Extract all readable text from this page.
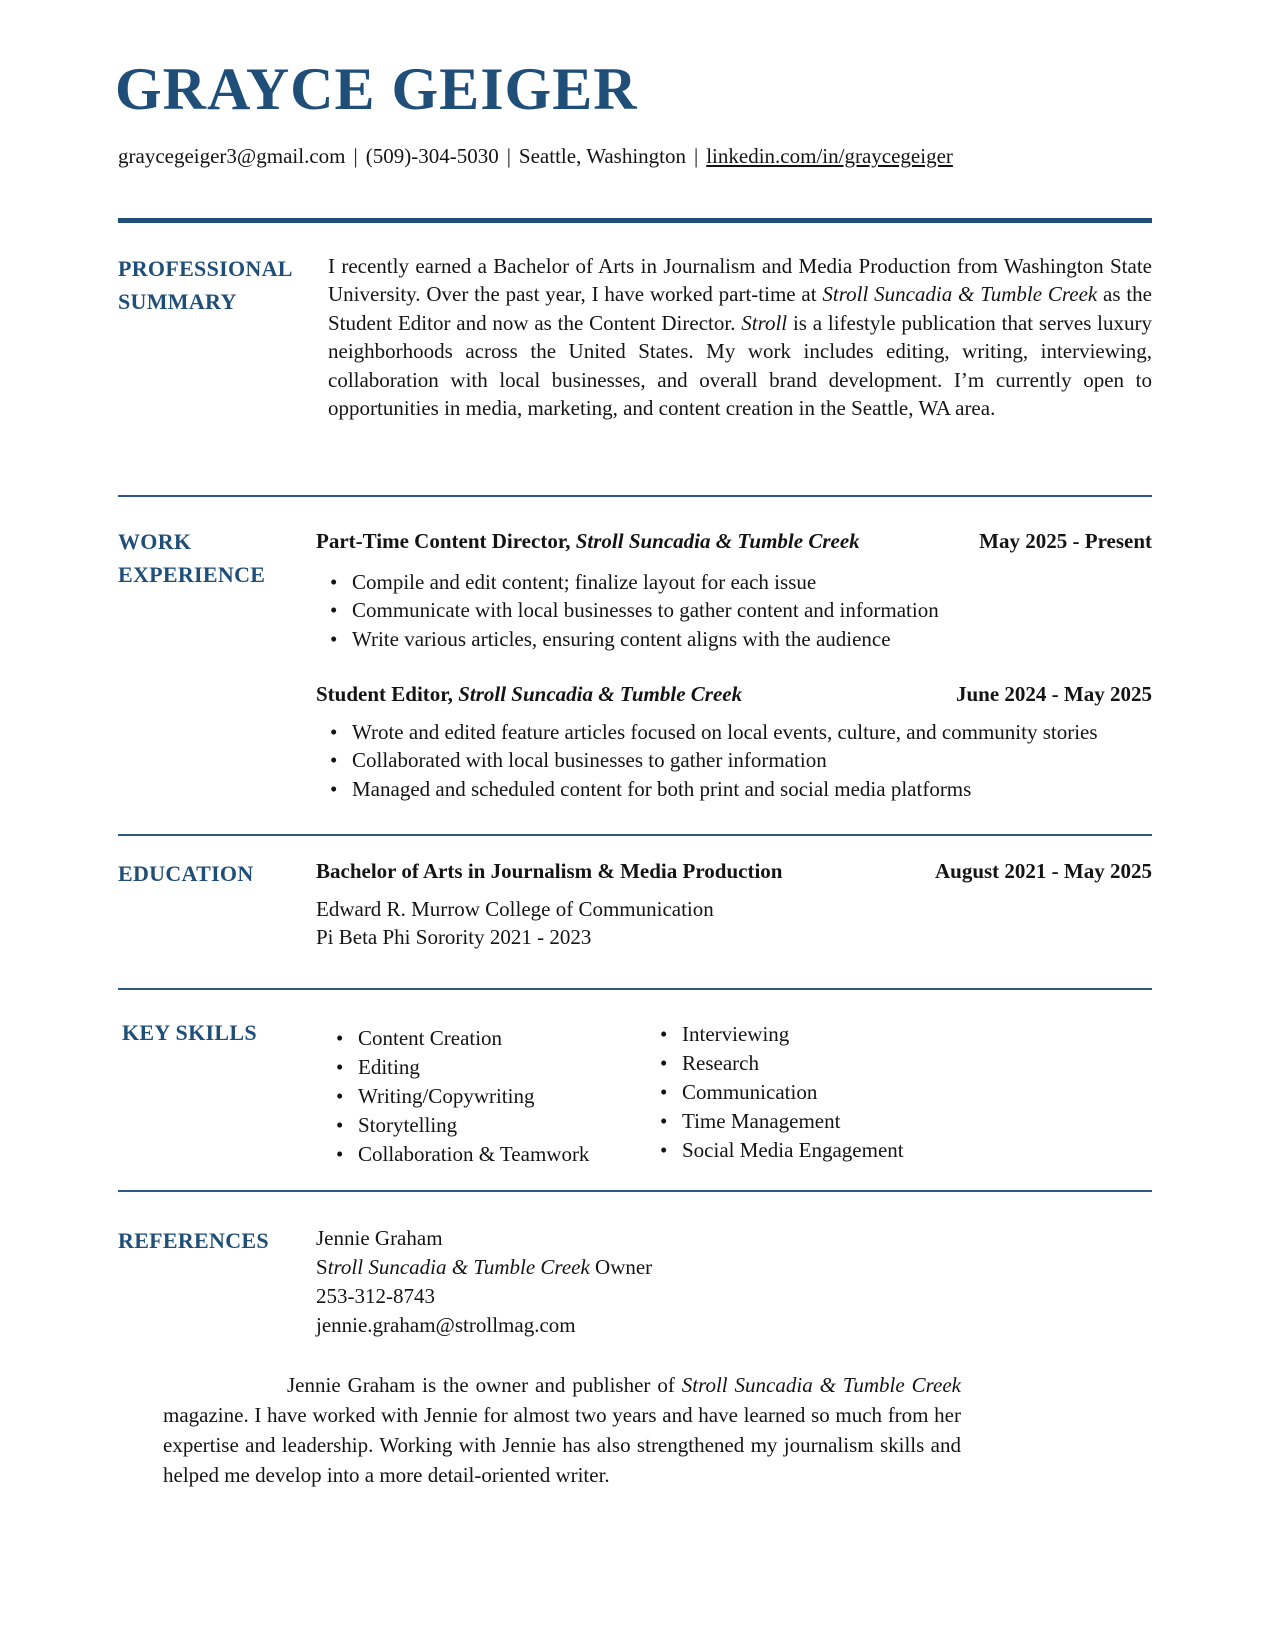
GRAYCE GEIGER
graycegeiger3@gmail.com | (509)-304-5030 | Seattle, Washington | linkedin.com/in/graycegeiger
PROFESSIONAL
SUMMARY
I recently earned a Bachelor of Arts in Journalism and Media Production from Washington State University. Over the past year, I have worked part-time at Stroll Suncadia & Tumble Creek as the Student Editor and now as the Content Director. Stroll is a lifestyle publication that serves luxury neighborhoods across the United States. My work includes editing, writing, interviewing, collaboration with local businesses, and overall brand development. I’m currently open to opportunities in media, marketing, and content creation in the Seattle, WA area.
WORK
EXPERIENCE
Part-Time Content Director, Stroll Suncadia & Tumble Creek	May 2025 - Present
• Compile and edit content; finalize layout for each issue
• Communicate with local businesses to gather content and information
• Write various articles, ensuring content aligns with the audience
Student Editor, Stroll Suncadia & Tumble Creek	June 2024 - May 2025
• Wrote and edited feature articles focused on local events, culture, and community stories
• Collaborated with local businesses to gather information
• Managed and scheduled content for both print and social media platforms
EDUCATION	Bachelor of Arts in Journalism & Media Production	August 2021 - May 2025
Edward R. Murrow College of Communication
Pi Beta Phi Sorority 2021 - 2023
KEY SKILLS	• Content Creation
• Editing
• Writing/Copywriting
• Storytelling
• Collaboration & Teamwork
• Interviewing
• Research
• Communication
• Time Management
• Social Media Engagement
REFERENCES Jennie Graham
Stroll Suncadia & Tumble Creek Owner
253-312-8743
jennie.graham@strollmag.com
Jennie Graham is the owner and publisher of Stroll Suncadia & Tumble Creek magazine. I have worked with Jennie for almost two years and have learned so much from her expertise and leadership. Working with Jennie has also strengthened my journalism skills and helped me develop into a more detail-oriented writer.
